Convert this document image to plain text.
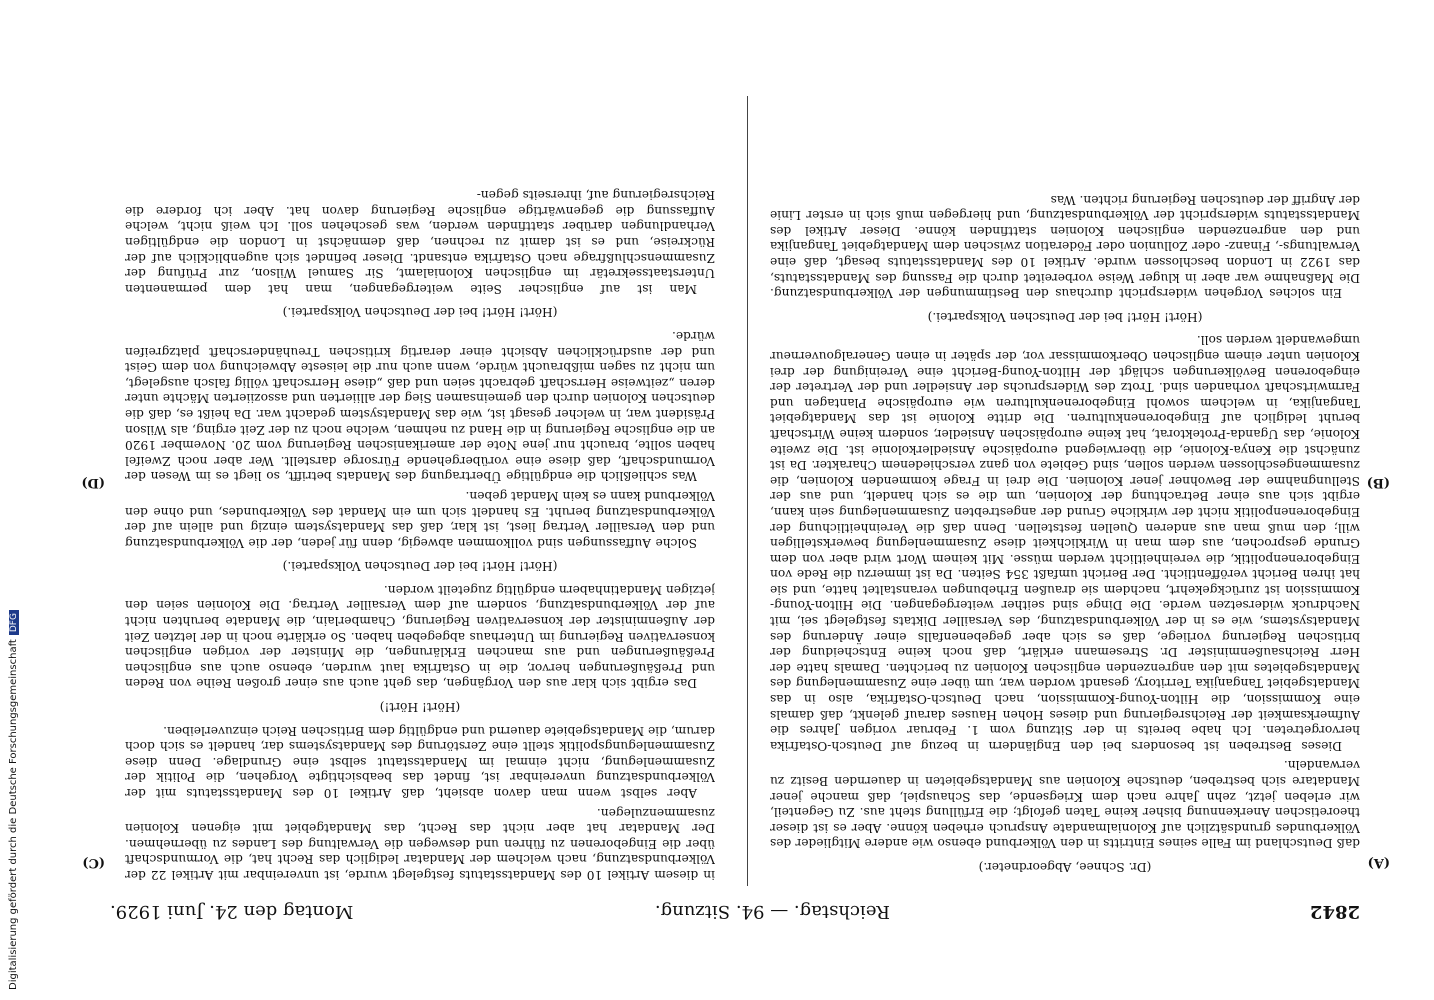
2842
Reichstag. — 94. Sitzung.
Montag den 24. Juni 1929.
(A)
(B)
(C)
(D)

(Dr. Schnee, Abgeordneter.)

daß Deutschland im Falle seines Eintritts in den Völkerbund ebenso wie andere Mitglieder des Völkerbundes grundsätzlich auf Kolonialmandate Anspruch erheben könne. Aber es ist dieser theoretischen Anerkennung bisher keine Taten gefolgt; die Erfüllung steht aus. Zu Gegenteil, wir erleben jetzt, zehn Jahre nach dem Kriegsende, das Schauspiel, daß manche jener Mandatare sich bestreben, deutsche Kolonien aus Mandatsgebieten in dauernden Besitz zu verwandeln.

Dieses Bestreben ist besonders bei den Engländern in bezug auf Deutsch-Ostafrika hervorgetreten. Ich habe bereits in der Sitzung vom 1. Februar vorigen Jahres die Aufmerksamkeit der Reichsregierung und dieses Hohen Hauses darauf gelenkt, daß damals eine Kommission, die Hilton-Young-Kommission, nach Deutsch-Ostafrika, also in das Mandatsgebiet Tanganjika Territory, gesandt worden war, um über eine Zusammenlegung des Mandatsgebietes mit den angrenzenden englischen Kolonien zu berichten. Damals hatte der Herr Reichsaußenminister Dr. Stresemann erklärt, daß noch keine Entscheidung der britischen Regierung vorliege, daß es sich aber gegebenenfalls einer Änderung des Mandatsystems, wie es in der Völkerbundsatzung, des Versailler Diktats festgelegt sei, mit Nachdruck widersetzen werde. Die Dinge sind seither weitergegangen. Die Hilton-Young-Kommission ist zurückgekehrt, nachdem sie draußen Erhebungen veranstaltet hatte, und sie hat ihren Bericht veröffentlicht. Der Bericht umfaßt 354 Seiten. Da ist immerzu die Rede von Eingeborenenpolitik, die vereinheitlicht werden müsse. Mit keinem Wort wird aber von dem Grunde gesprochen, aus dem man in Wirklichkeit diese Zusammenlegung bewerkstelligen will; den muß man aus anderen Quellen feststellen. Denn daß die Vereinheitlichung der Eingeborenenpolitik nicht der wirkliche Grund der angestrebten Zusammenlegung sein kann, ergibt sich aus einer Betrachtung der Kolonien, um die es sich handelt, und aus der Stellungnahme der Bewohner jener Kolonien. Die drei in Frage kommenden Kolonien, die zusammengeschlossen werden sollen, sind Gebiete von ganz verschiedenem Charakter. Da ist zunächst die Kenya-Kolonie, die überwiegend europäische Ansiedlerkolonie ist. Die zweite Kolonie, das Uganda-Protektorat, hat keine europäischen Ansiedler, sondern keine Wirtschaft beruht lediglich auf Eingeborenenkulturen. Die dritte Kolonie ist das Mandatgebiet Tanganjika, in welchem sowohl Eingeborenenkulturen wie europäische Plantagen und Farmwirtschaft vorhanden sind. Trotz des Widerspruchs der Ansiedler und der Vertreter der eingeborenen Bevölkerungen schlägt der Hilton-Young-Bericht eine Vereinigung der drei Kolonien unter einem englischen Oberkommissar vor, der später in einen Generalgouverneur umgewandelt werden soll.

(Hört! Hört! bei der Deutschen Volkspartei.)

Ein solches Vorgehen widerspricht durchaus den Bestimmungen der Völkerbundsatzung. Die Maßnahme war aber in kluger Weise vorbereitet durch die Fassung des Mandatsstatuts, das 1922 in London beschlossen wurde. Artikel 10 des Mandatsstatuts besagt, daß eine Verwaltungs-, Finanz- oder Zollunion oder Föderation zwischen dem Mandatgebiet Tanganjika und den angrenzenden englischen Kolonien stattfinden könne. Dieser Artikel des Mandatsstatuts widerspricht der Völkerbundsatzung, und hiergegen muß sich in erster Linie der Angriff der deutschen Regierung richten. Was

in diesem Artikel 10 des Mandatsstatuts festgelegt wurde, ist unvereinbar mit Artikel 22 der Völkerbundsatzung, nach welchem der Mandatar lediglich das Recht hat, die Vormundschaft über die Eingeborenen zu führen und deswegen die Verwaltung des Landes zu übernehmen. Der Mandatar hat aber nicht das Recht, das Mandatgebiet mit eigenen Kolonien zusammenzulegen.

Aber selbst wenn man davon absieht, daß Artikel 10 des Mandatsstatuts mit der Völkerbundsatzung unvereinbar ist, findet das beabsichtigte Vorgehen, die Politik der Zusammenlegung, nicht einmal im Mandatsstatut selbst eine Grundlage. Denn diese Zusammenlegungspolitik stellt eine Zerstörung des Mandatsystems dar, handelt es sich doch darum, die Mandatsgebiete dauernd und endgültig dem Britischen Reich einzuverleiben.

(Hört! Hört!)

Das ergibt sich klar aus den Vorgängen, das geht auch aus einer großen Reihe von Reden und Preßäußerungen hervor, die in Ostafrika laut wurden, ebenso auch aus englischen Preßäußerungen und aus manchen Erklärungen, die Minister der vorigen englischen konservativen Regierung im Unterhaus abgegeben haben. So erklärte noch in der letzten Zeit der Außenminister der konservativen Regierung, Chamberlain, die Mandate beruhten nicht auf der Völkerbundsatzung, sondern auf dem Versailler Vertrag. Die Kolonien seien den jetzigen Mandatinhabern endgültig zugeteilt worden.

(Hört! Hört! bei der Deutschen Volkspartei.)

Solche Auffassungen sind vollkommen abwegig, denn für jeden, der die Völkerbundsatzung und den Versailler Vertrag liest, ist klar, daß das Mandatsystem einzig und allein auf der Völkerbundsatzung beruht. Es handelt sich um ein Mandat des Völkerbundes, und ohne den Völkerbund kann es kein Mandat geben.

Was schließlich die endgültige Übertragung des Mandats betrifft, so liegt es im Wesen der Vormundschaft, daß diese eine vorübergehende Fürsorge darstellt. Wer aber noch Zweifel haben sollte, braucht nur jene Note der amerikanischen Regierung vom 20. November 1920 an die englische Regierung in die Hand zu nehmen, welche noch zu der Zeit erging, als Wilson Präsident war, in welcher gesagt ist, wie das Mandatsystem gedacht war. Da heißt es, daß die deutschen Kolonien durch den gemeinsamen Sieg der alliierten und assoziierten Mächte unter deren „zeitweise Herrschaft gebracht seien und daß „diese Herrschaft völlig falsch ausgelegt, um nicht zu sagen mißbraucht würde, wenn auch nur die leiseste Abweichung von dem Geist und der ausdrücklichen Absicht einer derartig kritischen Treuhänderschaft platzgreifen würde.

(Hört! Hört! bei der Deutschen Volkspartei.)

Man ist auf englischer Seite weitergegangen, man hat dem permanenten Unterstaatssekretär im englischen Kolonialamt, Sir Samuel Wilson, zur Prüfung der Zusammenschlußfrage nach Ostafrika entsandt. Dieser befindet sich augenblicklich auf der Rückreise, und es ist damit zu rechnen, daß demnächst in London die endgültigen Verhandlungen darüber stattfinden werden, was geschehen soll. Ich weiß nicht, welche Auffassung die gegenwärtige englische Regierung davon hat. Aber ich fordere die Reichsregierung auf, ihrerseits gegen-

Digitalisierung gefördert durch die Deutsche ForschungsgemeinschaftDFG
